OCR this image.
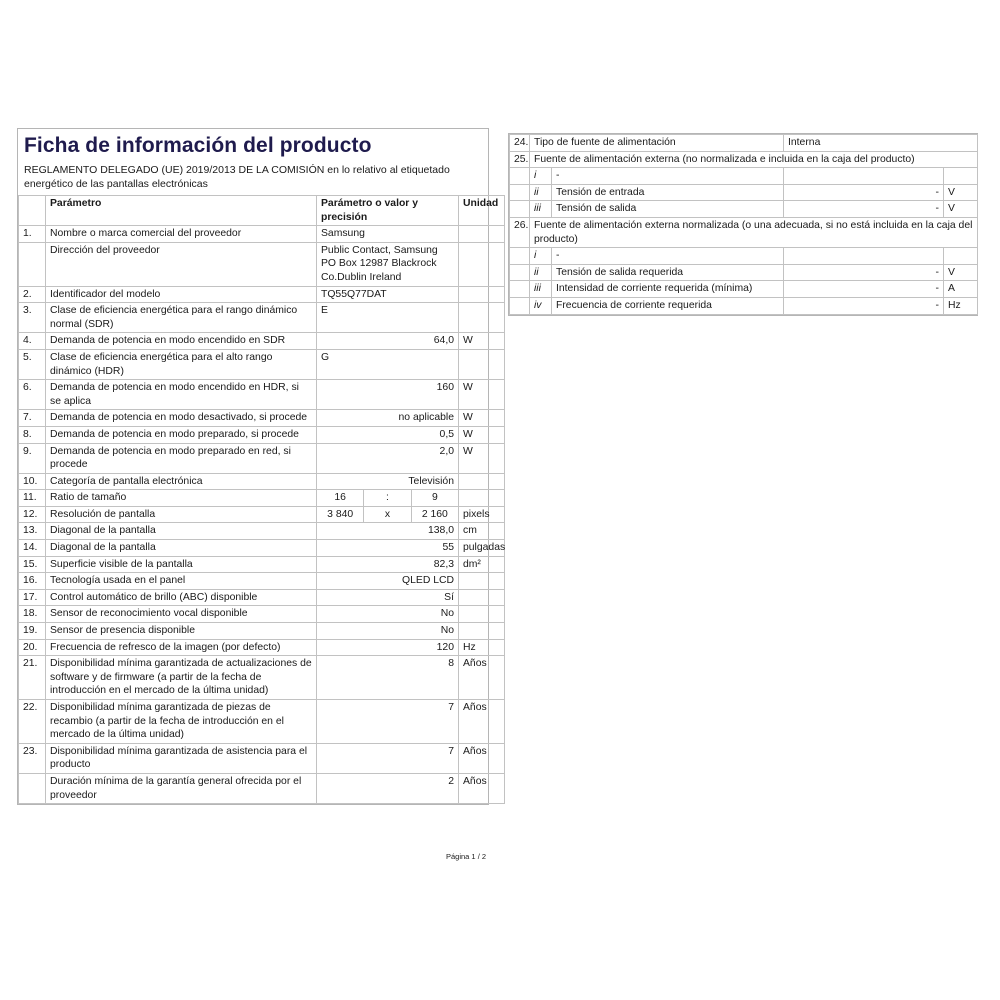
Ficha de información del producto
REGLAMENTO DELEGADO (UE) 2019/2013 DE LA COMISIÓN en lo relativo al etiquetado energético de las pantallas electrónicas
	Parámetro	Parámetro o valor y precisión			Unidad
1.	Nombre o marca comercial del proveedor	Samsung			
	Dirección del proveedor	Public Contact, Samsung PO Box 12987 Blackrock Co.Dublin Ireland			
2.	Identificador del modelo	TQ55Q77DAT			
3.	Clase de eficiencia energética para el rango dinámico normal (SDR)	E			
4.	Demanda de potencia en modo encendido en SDR	64,0			W
5.	Clase de eficiencia energética para el alto rango dinámico (HDR)	G			
6.	Demanda de potencia en modo encendido en HDR, si se aplica	160			W
7.	Demanda de potencia en modo desactivado, si procede	no aplicable			W
8.	Demanda de potencia en modo preparado, si procede	0,5			W
9.	Demanda de potencia en modo preparado en red, si procede	2,0			W
10.	Categoría de pantalla electrónica	Televisión			
11.	Ratio de tamaño	16	:	9	
12.	Resolución de pantalla	3 840	x	2 160	pixels
13.	Diagonal de la pantalla	138,0			cm
14.	Diagonal de la pantalla	55			pulgadas
15.	Superficie visible de la pantalla	82,3			dm²
16.	Tecnología usada en el panel	QLED LCD			
17.	Control automático de brillo (ABC) disponible	Sí			
18.	Sensor de reconocimiento vocal disponible	No			
19.	Sensor de presencia disponible	No			
20.	Frecuencia de refresco de la imagen (por defecto)	120			Hz
21.	Disponibilidad mínima garantizada de actualizaciones de software y de firmware (a partir de la fecha de introducción en el mercado de la última unidad)	8			Años
22.	Disponibilidad mínima garantizada de piezas de recambio (a partir de la fecha de introducción en el mercado de la última unidad)	7			Años
23.	Disponibilidad mínima garantizada de asistencia para el producto	7			Años
	Duración mínima de la garantía general ofrecida por el proveedor	2			Años

24.	Tipo de fuente de alimentación		Interna		
25.	Fuente de alimentación externa (no normalizada e incluida en la caja del producto)				
	i	-			
	ii	Tensión de entrada	-		V
	iii	Tensión de salida	-		V
26.	Fuente de alimentación externa normalizada (o una adecuada, si no está incluida en la caja del producto)				
	i	-			
	ii	Tensión de salida requerida	-		V
	iii	Intensidad de corriente requerida (mínima)	-		A
	iv	Frecuencia de corriente requerida	-		Hz
Página 1 / 2
